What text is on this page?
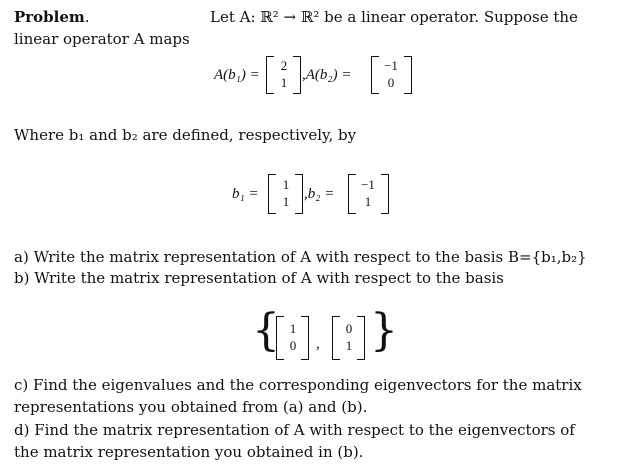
Problem.	Let A: ℝ² → ℝ² be a linear operator. Suppose the
linear operator A maps
A(b₁) =
2
1 ,A(b₂) =
−1
0
Where b₁ and b₂ are defined, respectively, by
b₁ =
1
1 ,b₂ =
−1
1
a) Write the matrix representation of A with respect to the basis B={b₁,b₂}
b) Write the matrix representation of A with respect to the basis
{ 1
0 ,
0
1 }
c) Find the eigenvalues and the corresponding eigenvectors for the matrix
representations you obtained from (a) and (b).
d) Find the matrix representation of A with respect to the eigenvectors of
the matrix representation you obtained in (b).
